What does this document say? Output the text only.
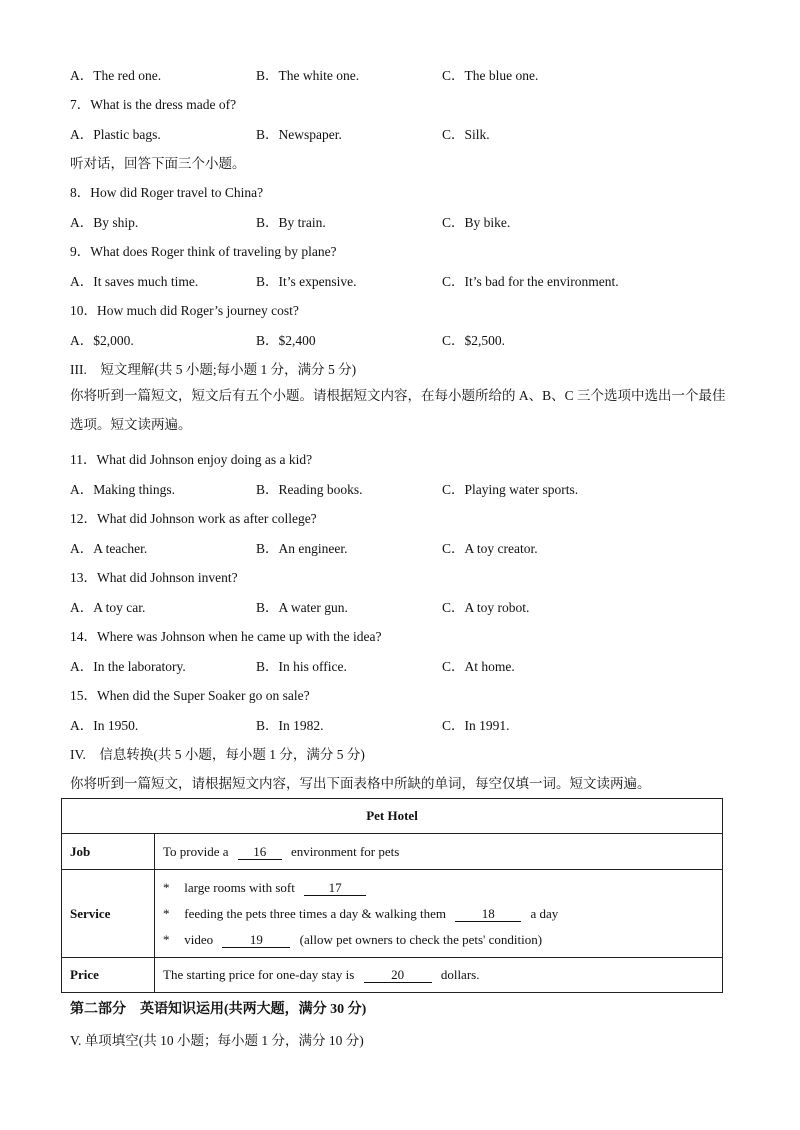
A．The red one.	B．The white one.	C．The blue one.
7．What is the dress made of?
A．Plastic bags.	B．Newspaper.	C．Silk.
听对话，回答下面三个小题。
8．How did Roger travel to China?
A．By ship.	B．By train.	C．By bike.
9．What does Roger think of traveling by plane?
A．It saves much time.	B．It’s expensive.	C．It’s bad for the environment.
10．How much did Roger’s journey cost?
A．$2,000.	B．$2,400	C．$2,500.
III.　短文理解(共 5 小题;每小题 1 分，满分 5 分)
你将听到一篇短文，短文后有五个小题。请根据短文内容，在每小题所给的 A、B、C 三个选项中选出一个最佳选项。短文读两遍。
11．What did Johnson enjoy doing as a kid?
A．Making things.	B．Reading books.	C．Playing water sports.
12．What did Johnson work as after college?
A．A teacher.	B．An engineer.	C．A toy creator.
13．What did Johnson invent?
A．A toy car.	B．A water gun.	C．A toy robot.
14．Where was Johnson when he came up with the idea?
A．In the laboratory.	B．In his office.	C．At home.
15．When did the Super Soaker go on sale?
A．In 1950.	B．In 1982.	C．In 1991.
IV.　信息转换(共 5 小题，每小题 1 分，满分 5 分)
你将听到一篇短文，请根据短文内容，写出下面表格中所缺的单词，每空仅填一词。短文读两遍。
Pet Hotel	
Job	To provide a 16 environment for pets
Service	* large rooms with soft 17
* feeding the pets three times a day & walking them 18 a day
* video 19 (allow pet owners to check the pets' condition)

Price	The starting price for one-day stay is 20 dollars.
第二部分　英语知识运用(共两大题，满分 30 分)
V. 单项填空(共 10 小题；每小题 1 分，满分 10 分)
